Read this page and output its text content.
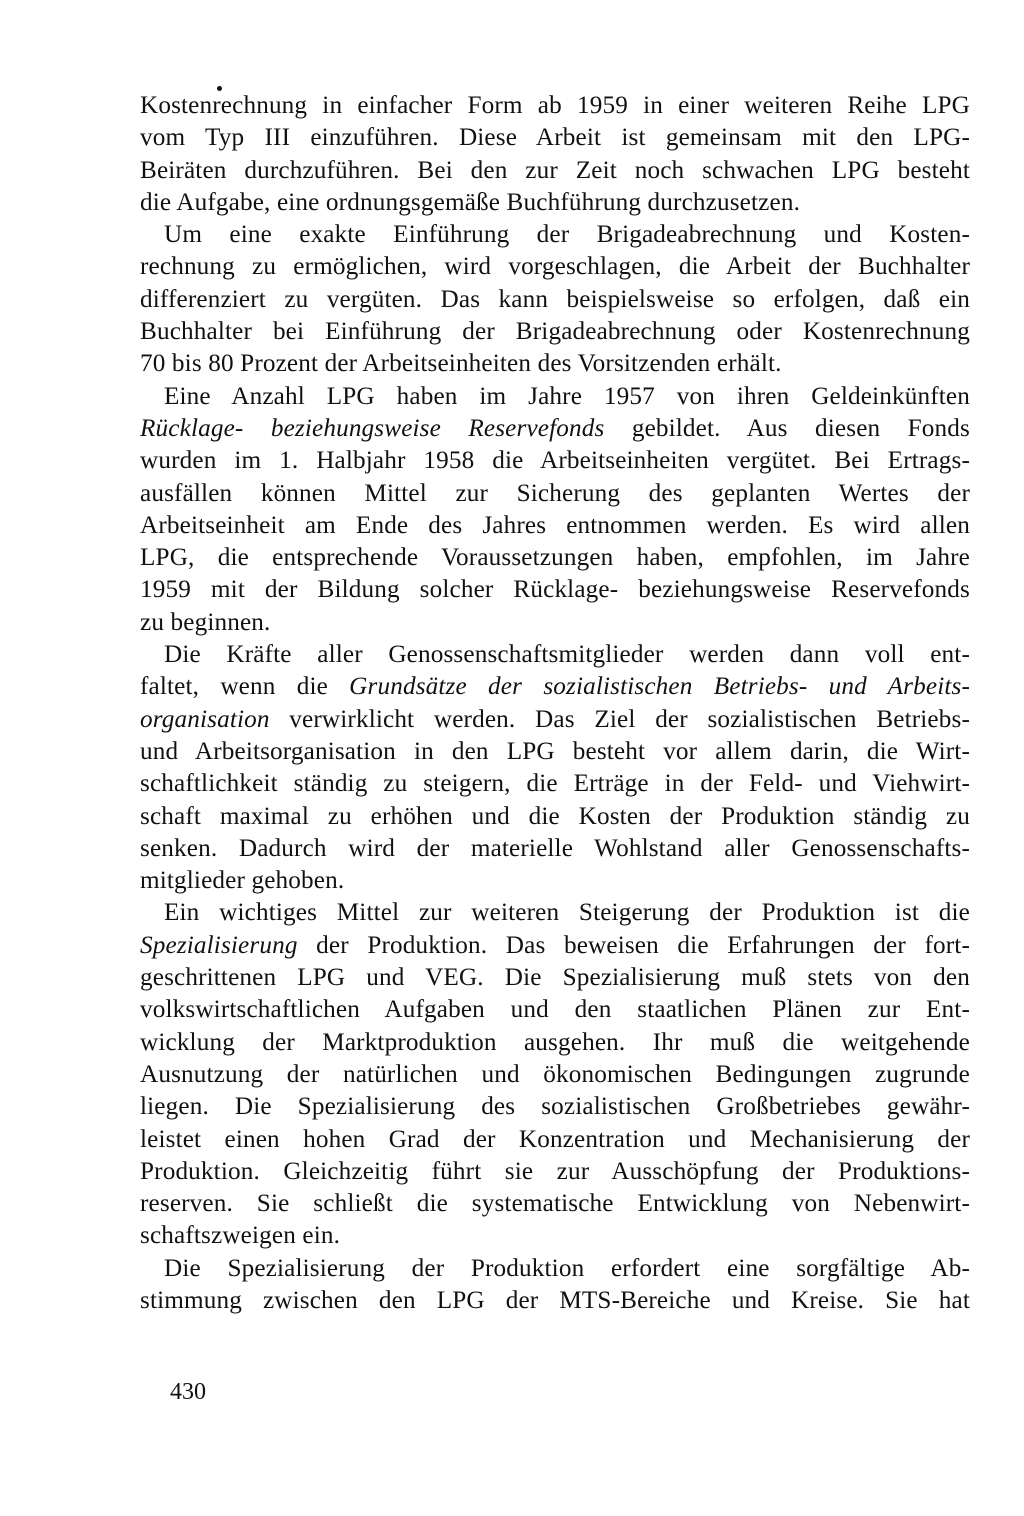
Kostenrechnung in einfacher Form ab 1959 in einer weiteren Reihe LPG
vom Typ III einzuführen. Diese Arbeit ist gemeinsam mit den LPG-
Beiräten durchzuführen. Bei den zur Zeit noch schwachen LPG besteht
die Aufgabe, eine ordnungsgemäße Buchführung durchzusetzen.
Um eine exakte Einführung der Brigadeabrechnung und Kosten-
rechnung zu ermöglichen, wird vorgeschlagen, die Arbeit der Buchhalter
differenziert zu vergüten. Das kann beispielsweise so erfolgen, daß ein
Buchhalter bei Einführung der Brigadeabrechnung oder Kostenrechnung
70 bis 80 Prozent der Arbeitseinheiten des Vorsitzenden erhält.
Eine Anzahl LPG haben im Jahre 1957 von ihren Geldeinkünften
Rücklage- beziehungsweise Reservefonds gebildet. Aus diesen Fonds
wurden im 1. Halbjahr 1958 die Arbeitseinheiten vergütet. Bei Ertrags-
ausfällen können Mittel zur Sicherung des geplanten Wertes der
Arbeitseinheit am Ende des Jahres entnommen werden. Es wird allen
LPG, die entsprechende Voraussetzungen haben, empfohlen, im Jahre
1959 mit der Bildung solcher Rücklage- beziehungsweise Reservefonds
zu beginnen.
Die Kräfte aller Genossenschaftsmitglieder werden dann voll ent-
faltet, wenn die Grundsätze der sozialistischen Betriebs- und Arbeits-
organisation verwirklicht werden. Das Ziel der sozialistischen Betriebs-
und Arbeitsorganisation in den LPG besteht vor allem darin, die Wirt-
schaftlichkeit ständig zu steigern, die Erträge in der Feld- und Viehwirt-
schaft maximal zu erhöhen und die Kosten der Produktion ständig zu
senken. Dadurch wird der materielle Wohlstand aller Genossenschafts-
mitglieder gehoben.
Ein wichtiges Mittel zur weiteren Steigerung der Produktion ist die
Spezialisierung der Produktion. Das beweisen die Erfahrungen der fort-
geschrittenen LPG und VEG. Die Spezialisierung muß stets von den
volkswirtschaftlichen Aufgaben und den staatlichen Plänen zur Ent-
wicklung der Marktproduktion ausgehen. Ihr muß die weitgehende
Ausnutzung der natürlichen und ökonomischen Bedingungen zugrunde
liegen. Die Spezialisierung des sozialistischen Großbetriebes gewähr-
leistet einen hohen Grad der Konzentration und Mechanisierung der
Produktion. Gleichzeitig führt sie zur Ausschöpfung der Produktions-
reserven. Sie schließt die systematische Entwicklung von Nebenwirt-
schaftszweigen ein.
Die Spezialisierung der Produktion erfordert eine sorgfältige Ab-
stimmung zwischen den LPG der MTS-Bereiche und Kreise. Sie hat
430
